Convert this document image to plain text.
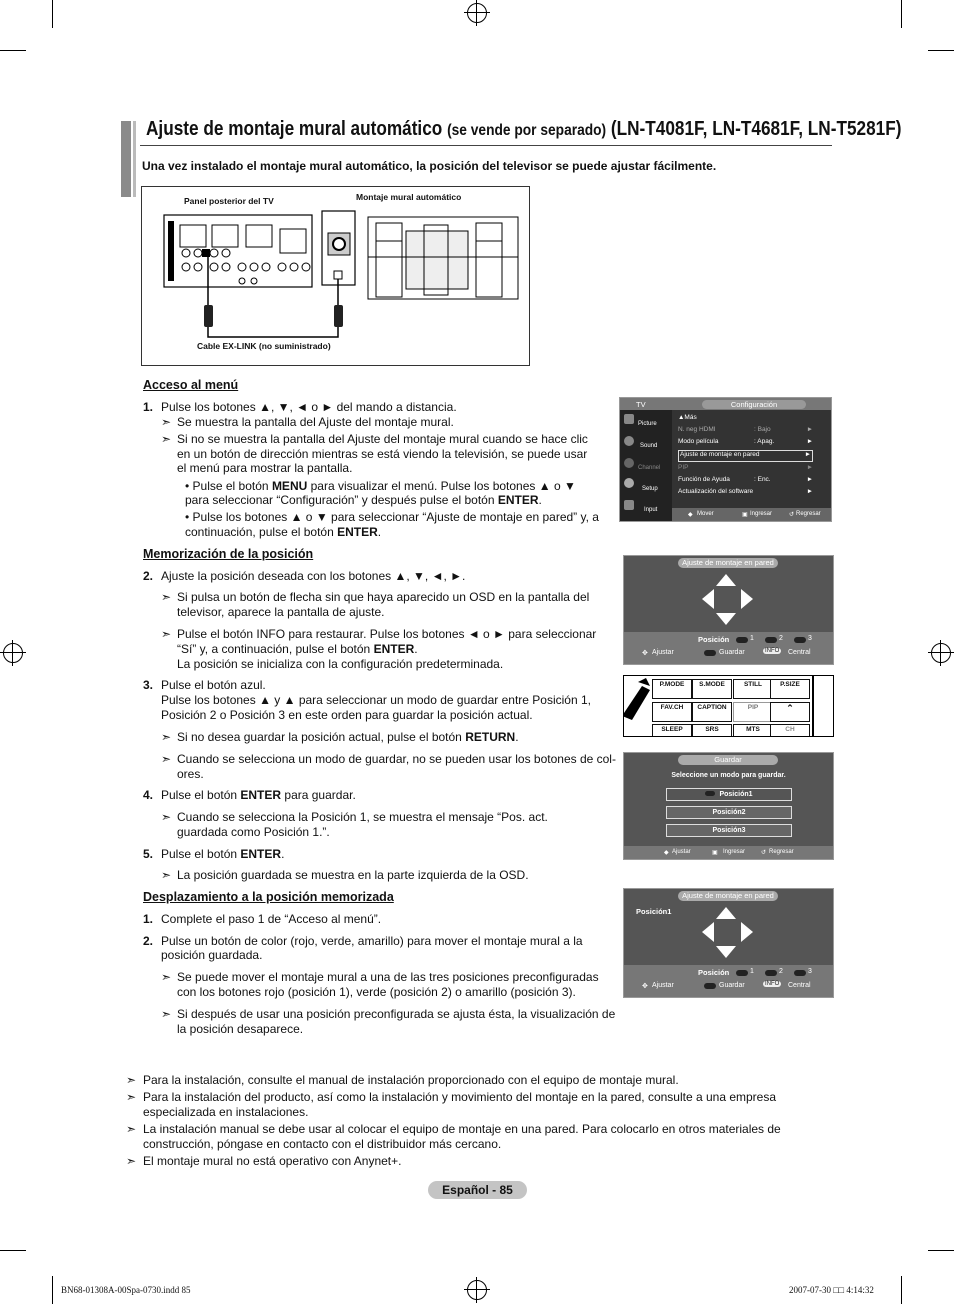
Ajuste de montaje mural automático (se vende por separado) (LN-T4081F, LN-T4681F, LN-T5281F)
Una vez instalado el montaje mural automático, la posición del televisor se puede ajustar fácilmente.
Panel posterior del TV	Montaje mural automático
Cable EX-LINK (no suministrado)
Acceso al menú
1. Pulse los botones ▲, ▼, ◄ o ► del mando a distancia.
➣
Se muestra la pantalla del Ajuste del montaje mural.
➣
Si no se muestra la pantalla del Ajuste del montaje mural cuando se hace clic
en un botón de dirección mientras se está viendo la televisión, se puede usar
el menú para mostrar la pantalla.
• Pulse el botón MENU para visualizar el menú. Pulse los botones ▲ o ▼
para seleccionar “Configuración” y después pulse el botón ENTER.
• Pulse los botones ▲ o ▼ para seleccionar “Ajuste de montaje en pared” y, a
continuación, pulse el botón ENTER.
Memorización de la posición
2. Ajuste la posición deseada con los botones ▲, ▼, ◄, ►.
➣
Si pulsa un botón de flecha sin que haya aparecido un OSD en la pantalla del
televisor, aparece la pantalla de ajuste.
➣
Pulse el botón INFO para restaurar. Pulse los botones ◄ o ► para seleccionar
“Sí” y, a continuación, pulse el botón ENTER.
La posición se inicializa con la configuración predeterminada.
3. Pulse el botón azul.
Pulse los botones ▲ y ▲ para seleccionar un modo de guardar entre Posición 1,
Posición 2 o Posición 3 en este orden para guardar la posición actual.
➣
Si no desea guardar la posición actual, pulse el botón RETURN.
➣
Cuando se selecciona un modo de guardar, no se pueden usar los botones de col-
ores.
4. Pulse el botón ENTER para guardar.
➣
Cuando se selecciona la Posición 1, se muestra el mensaje “Pos. act.
guardada como Posición 1.”.
5. Pulse el botón ENTER.
➣
La posición guardada se muestra en la parte izquierda de la OSD.
Desplazamiento a la posición memorizada
1. Complete el paso 1 de “Acceso al menú”.
2. Pulse un botón de color (rojo, verde, amarillo) para mover el montaje mural a la
posición guardada.
➣
Se puede mover el montaje mural a una de las tres posiciones preconfiguradas
con los botones rojo (posición 1), verde (posición 2) o amarillo (posición 3).
➣
Si después de usar una posición preconfigurada se ajusta ésta, la visualización de
la posición desaparece.
➣
Para la instalación, consulte el manual de instalación proporcionado con el equipo de montaje mural.
➣
Para la instalación del producto, así como la instalación y movimiento del montaje en la pared, consulte a una empresa
especializada en instalaciones.
➣
La instalación manual se debe usar al colocar el equipo de montaje en una pared. Para colocarlo en otros materiales de
construcción, póngase en contacto con el distribuidor más cercano.
➣
El montaje mural no está operativo con Anynet+.
TV	Configuración
Picture
Sound
Channel
Setup
Input
▲Más
N. neg HDMI	: Bajo	►
Modo película	: Apag.	►
Ajuste de montaje en pared	►
PIP	►
Función de Ayuda	: Enc.	►
Actualización del software	►
◆ Mover	▣ Ingresar	↺ Regresar
Ajuste de montaje en pared
Posición	1	2	3
✥ Ajustar	Guardar	INFO Central
P.MODE	S.MODE	STILL	P.SIZE
FAV.CH	CAPTION	PIP	⌃
SLEEP	SRS	MTS	CH
Guardar
Seleccione un modo para guardar.
Posición1
Posición2
Posición3
◆ Ajustar	▣ Ingresar	↺ Regresar
Ajuste de montaje en pared
Posición1
Posición	1	2	3
✥ Ajustar	Guardar	INFO Central
Español - 85
BN68-01308A-00Spa-0730.indd 85	2007-07-30 □□ 4:14:32
